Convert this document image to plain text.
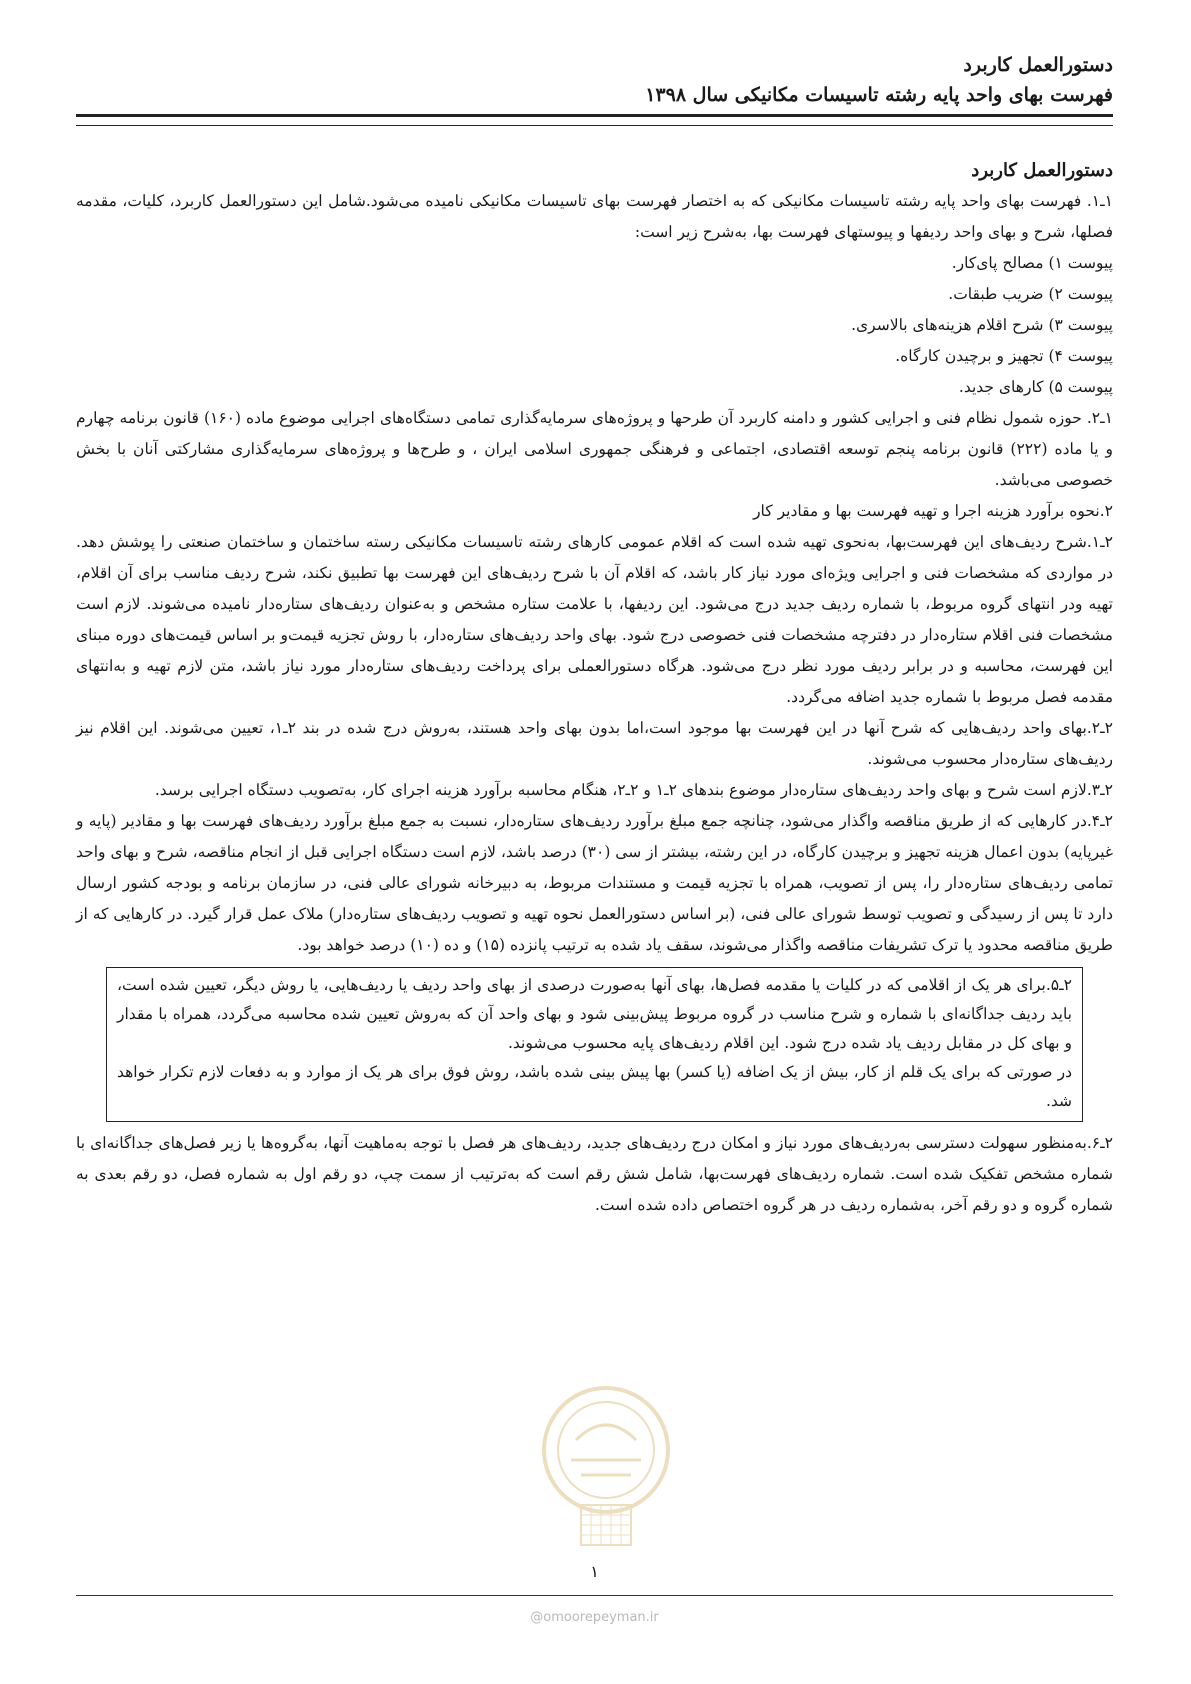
دستورالعمل کاربرد
فهرست بهای واحد پایه رشته تاسیسات مکانیکی سال ۱۳۹۸
دستورالعمل کاربرد

۱ـ۱. فهرست بهای واحد پایه رشته تاسیسات مکانیکی که به اختصار فهرست بهای تاسیسات مکانیکی نامیده می‌شود.شامل این دستورالعمل کاربرد، کلیات، مقدمه فصلها، شرح و بهای واحد ردیفها و پیوستهای فهرست بها، به‌شرح زیر است:

پیوست ۱) مصالح پای‌کار.
پیوست ۲) ضریب طبقات.
پیوست ۳) شرح اقلام هزینه‌های بالاسری.
پیوست ۴) تجهیز و برچیدن کارگاه.
پیوست ۵) کارهای جدید.

۱ـ۲. حوزه شمول نظام فنی و اجرایی کشور و دامنه کاربرد آن طرحها و پروژه‌های سرمایه‌گذاری تمامی دستگاه‌های اجرایی موضوع ماده (۱۶۰) قانون برنامه چهارم و یا ماده (۲۲۲) قانون برنامه پنجم توسعه اقتصادی، اجتماعی و فرهنگی جمهوری اسلامی ایران ، و طرح‌ها و پروژه‌های سرمایه‌گذاری مشارکتی آنان با بخش خصوصی می‌باشد.

۲.نحوه برآورد هزینه اجرا و تهیه فهرست بها و مقادیر کار

۲ـ۱.شرح ردیف‌های این فهرست‌بها، به‌نحوی تهیه شده است که اقلام عمومی کارهای رشته تاسیسات مکانیکی رسته ساختمان و ساختمان صنعتی را پوشش دهد. در مواردی که مشخصات فنی و اجرایی ویژه‌ای مورد نیاز کار باشد، که اقلام آن با شرح ردیف‌های این فهرست بها تطبیق نکند، شرح ردیف مناسب برای آن اقلام، تهیه ودر انتهای گروه مربوط، با شماره ردیف جدید درج می‌شود. این ردیفها، با علامت ستاره مشخص و به‌عنوان ردیف‌های ستاره‌دار نامیده می‌شوند. لازم است مشخصات فنی اقلام ستاره‌دار در دفترچه مشخصات فنی خصوصی درج شود. بهای واحد ردیف‌های ستاره‌دار، با روش تجزیه قیمت‌و بر اساس قیمت‌های دوره مبنای این فهرست، محاسبه و در برابر ردیف مورد نظر درج می‌شود. هرگاه دستورالعملی برای پرداخت ردیف‌های ستاره‌دار مورد نیاز باشد، متن لازم تهیه و به‌انتهای مقدمه فصل مربوط با شماره جدید اضافه می‌گردد.

۲ـ۲.بهای واحد ردیف‌هایی که شرح آنها در این فهرست بها موجود است،اما بدون بهای واحد هستند، به‌روش درج شده در بند ۲ـ۱، تعیین می‌شوند. این اقلام نیز ردیف‌های ستاره‌دار محسوب می‌شوند.

۲ـ۳.لازم است شرح و بهای واحد ردیف‌های ستاره‌دار موضوع بندهای ۲ـ۱ و ۲ـ۲، هنگام محاسبه برآورد هزینه اجرای کار، به‌تصویب دستگاه اجرایی برسد.

۲ـ۴.در کارهایی که از طریق مناقصه واگذار می‌شود، چنانچه جمع مبلغ برآورد ردیف‌های ستاره‌دار، نسبت به جمع مبلغ برآورد ردیف‌های فهرست بها و مقادیر (پایه و غیرپایه) بدون اعمال هزینه تجهیز و برچیدن کارگاه، در این رشته، بیشتر از سی (۳۰) درصد باشد، لازم است دستگاه اجرایی قبل از انجام مناقصه، شرح و بهای واحد تمامی ردیف‌های ستاره‌دار را، پس از تصویب، همراه با تجزیه قیمت و مستندات مربوط، به دبیرخانه شورای عالی فنی، در سازمان برنامه و بودجه کشور ارسال دارد تا پس از رسیدگی و تصویب توسط شورای عالی فنی، (بر اساس دستورالعمل نحوه تهیه و تصویب ردیف‌های ستاره‌دار) ملاک عمل قرار گیرد. در کارهایی که از طریق مناقصه محدود یا ترک تشریفات مناقصه واگذار می‌شوند، سقف یاد شده به ترتیب پانزده (۱۵) و ده (۱۰) درصد خواهد بود.

۲ـ۵.برای هر یک از اقلامی که در کلیات یا مقدمه فصل‌ها، بهای آنها به‌صورت درصدی از بهای واحد ردیف یا ردیف‌هایی، یا روش دیگر، تعیین شده است، باید ردیف جداگانه‌ای با شماره و شرح مناسب در گروه مربوط پیش‌بینی شود و بهای واحد آن که به‌روش تعیین شده محاسبه می‌گردد، همراه با مقدار و بهای کل در مقابل ردیف یاد شده درج شود. این اقلام ردیف‌های پایه محسوب می‌شوند.

در صورتی که برای یک قلم از کار، بیش از یک اضافه (یا کسر) بها پیش بینی شده باشد، روش فوق برای هر یک از موارد و به دفعات لازم تکرار خواهد شد.

۲ـ۶.به‌منظور سهولت دسترسی به‌ردیف‌های مورد نیاز و امکان درج ردیف‌های جدید، ردیف‌های هر فصل با توجه به‌ماهیت آنها، به‌گروه‌ها یا زیر فصل‌های جداگانه‌ای با شماره مشخص تفکیک شده است. شماره ردیف‌های فهرست‌بها، شامل شش رقم است که به‌ترتیب از سمت چپ، دو رقم اول به شماره فصل، دو رقم بعدی به شماره گروه و دو رقم آخر، به‌شماره ردیف در هر گروه اختصاص داده شده است.

۱
@omoorepeyman.ir
